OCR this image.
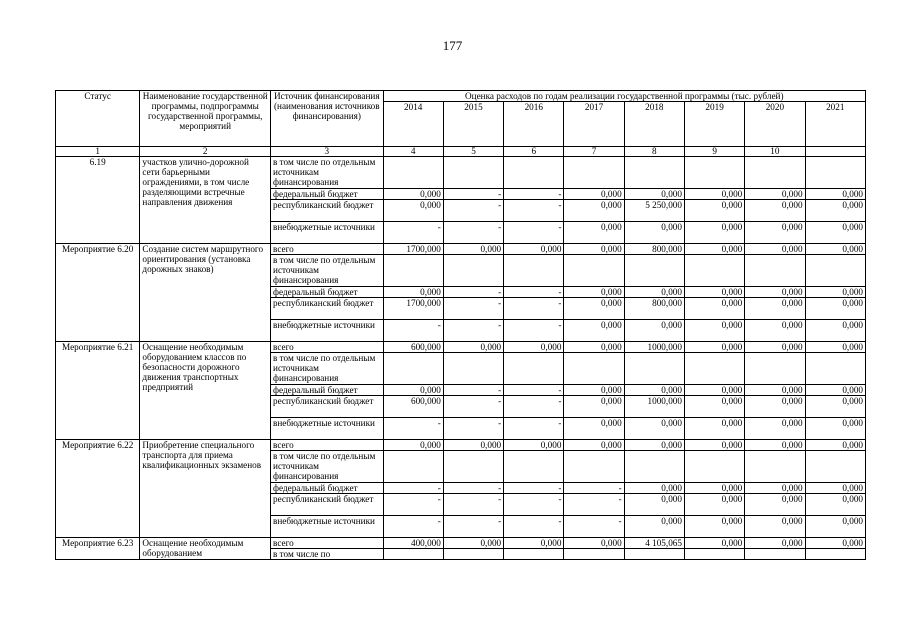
177
Статус	Наименование государственной программы, подпрограммы государственной программы, мероприятий	Источник финансирования (наименования источников финансирования)	Оценка расходов по годам реализации государственной программы (тыс. рублей)							
			2014	2015	2016	2017	2018	2019	2020	2021
1	2	3	4	5	6	7	8	9	10	
6.19	участков улично-дорожной сети барьерными ограждениями, в том числе разделяющими встречные направления движения	в том числе по отдельным источникам финансирования								
		федеральный бюджет	0,000	-	-	0,000	0,000	0,000	0,000	0,000
		республиканский бюджет	0,000	-	-	0,000	5 250,000	0,000	0,000	0,000
		внебюджетные источники	-	-	-	0,000	0,000	0,000	0,000	0,000
Мероприятие 6.20	Создание систем маршрутного ориентирования (установка дорожных знаков)	всего	1700,000	0,000	0,000	0,000	800,000	0,000	0,000	0,000
		в том числе по отдельным источникам финансирования								
		федеральный бюджет	0,000	-	-	0,000	0,000	0,000	0,000	0,000
		республиканский бюджет	1700,000	-	-	0,000	800,000	0,000	0,000	0,000
		внебюджетные источники	-	-	-	0,000	0,000	0,000	0,000	0,000
Мероприятие 6.21	Оснащение необходимым оборудованием классов по безопасности дорожного движения транспортных предприятий	всего	600,000	0,000	0,000	0,000	1000,000	0,000	0,000	0,000
		в том числе по отдельным источникам финансирования								
		федеральный бюджет	0,000	-	-	0,000	0,000	0,000	0,000	0,000
		республиканский бюджет	600,000	-	-	0,000	1000,000	0,000	0,000	0,000
		внебюджетные источники	-	-	-	0,000	0,000	0,000	0,000	0,000
Мероприятие 6.22	Приобретение специального транспорта для приема квалификационных экзаменов	всего	0,000	0,000	0,000	0,000	0,000	0,000	0,000	0,000
		в том числе по отдельным источникам финансирования								
		федеральный бюджет	-	-	-	-	0,000	0,000	0,000	0,000
		республиканский бюджет	-	-	-	-	0,000	0,000	0,000	0,000
		внебюджетные источники	-	-	-	-	0,000	0,000	0,000	0,000
Мероприятие 6.23	Оснащение необходимым оборудованием	всего	400,000	0,000	0,000	0,000	4 105,065	0,000	0,000	0,000
		в том числе по								
